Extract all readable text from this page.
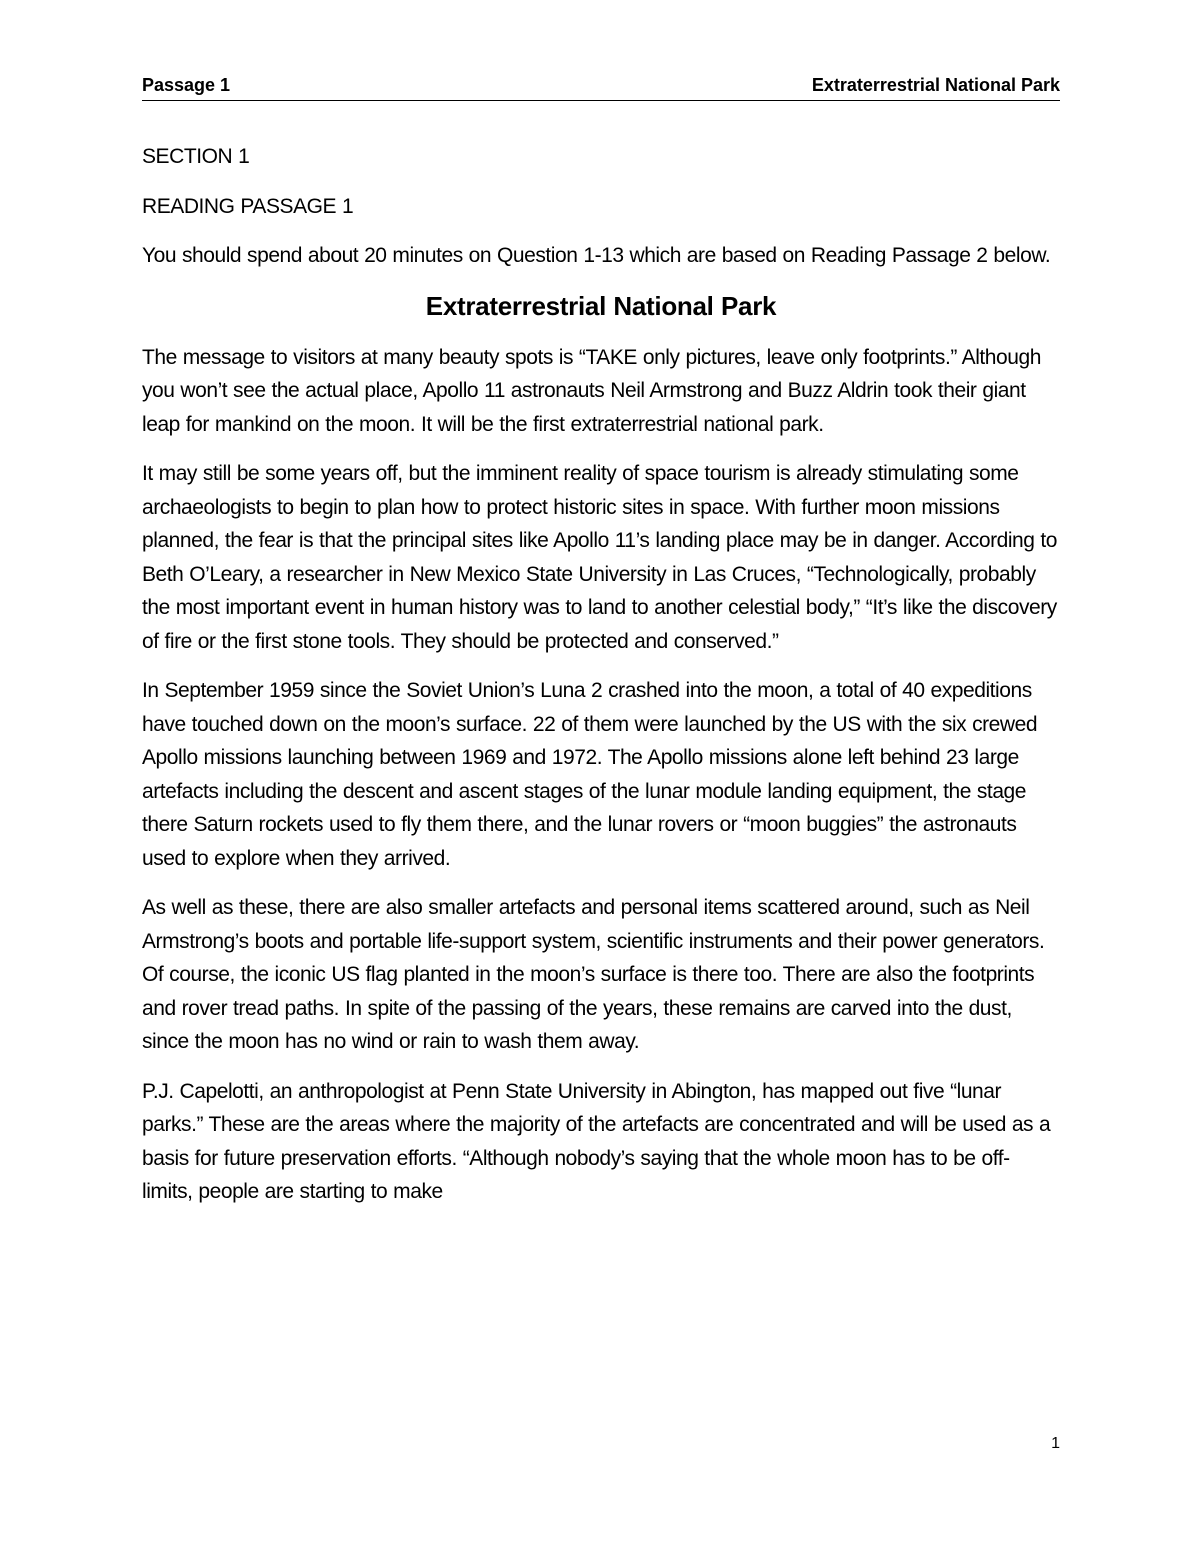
Passage 1	Extraterrestrial National Park

SECTION 1

READING PASSAGE 1

You should spend about 20 minutes on Question 1-13 which are based on Reading Passage 2 below.

Extraterrestrial National Park

The message to visitors at many beauty spots is “TAKE only pictures, leave only footprints.” Although you won’t see the actual place, Apollo 11 astronauts Neil Armstrong and Buzz Aldrin took their giant leap for mankind on the moon. It will be the first extraterrestrial national park.

It may still be some years off, but the imminent reality of space tourism is already stimulating some archaeologists to begin to plan how to protect historic sites in space. With further moon missions planned, the fear is that the principal sites like Apollo 11’s landing place may be in danger. According to Beth O’Leary, a researcher in New Mexico State University in Las Cruces, “Technologically, probably the most important event in human history was to land to another celestial body,” “It’s like the discovery of fire or the first stone tools. They should be protected and conserved.”

In September 1959 since the Soviet Union’s Luna 2 crashed into the moon, a total of 40 expeditions have touched down on the moon’s surface. 22 of them were launched by the US with the six crewed Apollo missions launching between 1969 and 1972. The Apollo missions alone left behind 23 large artefacts including the descent and ascent stages of the lunar module landing equipment, the stage there Saturn rockets used to fly them there, and the lunar rovers or “moon buggies” the astronauts used to explore when they arrived.

As well as these, there are also smaller artefacts and personal items scattered around, such as Neil Armstrong’s boots and portable life-support system, scientific instruments and their power generators. Of course, the iconic US flag planted in the moon’s surface is there too. There are also the footprints and rover tread paths. In spite of the passing of the years, these remains are carved into the dust, since the moon has no wind or rain to wash them away.

P.J. Capelotti, an anthropologist at Penn State University in Abington, has mapped out five “lunar parks.” These are the areas where the majority of the artefacts are concentrated and will be used as a basis for future preservation efforts. “Although nobody’s saying that the whole moon has to be off-limits, people are starting to make

1
